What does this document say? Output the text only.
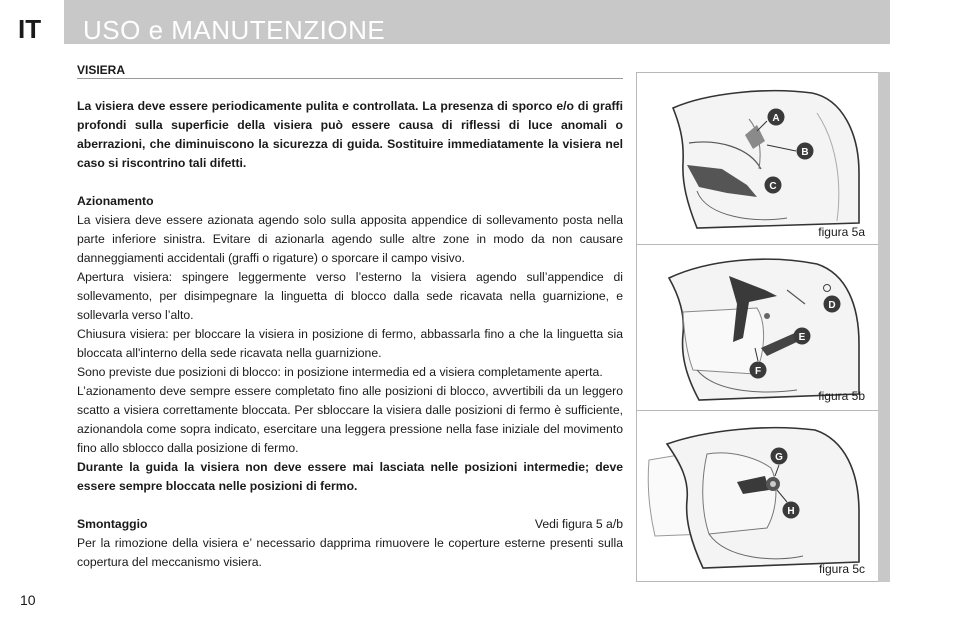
IT USO e MANUTENZIONE
VISIERA

La visiera deve essere periodicamente pulita e controllata. La presenza di sporco e/o di graffi profondi sulla superficie della visiera può essere causa di riflessi di luce anomali o aberrazioni, che diminuiscono la sicurezza di guida. Sostituire immediatamente la visiera nel caso si riscontrino tali difetti.

Azionamento

La visiera deve essere azionata agendo solo sulla apposita appendice di sollevamento posta nella parte inferiore sinistra. Evitare di azionarla agendo sulle altre zone in modo da non causare danneggiamenti accidentali (graffi o rigature) o sporcare il campo visivo.

Apertura visiera: spingere leggermente verso l’esterno la visiera agendo sull’appendice di sollevamento, per disimpegnare la linguetta di blocco dalla sede ricavata nella guarnizione, e sollevarla verso l’alto.

Chiusura visiera: per bloccare la visiera in posizione di fermo, abbassarla fino a che la linguetta sia bloccata all'interno della sede ricavata nella guarnizione.

Sono previste due posizioni di blocco: in posizione intermedia ed a visiera completamente aperta.

L’azionamento deve sempre essere completato fino alle posizioni di blocco, avvertibili da un leggero scatto a visiera correttamente bloccata. Per sbloccare la visiera dalle posizioni di fermo è sufficiente, azionandola come sopra indicato, esercitare una leggera pressione nella fase iniziale del movimento fino allo sblocco dalla posizione di fermo.

Durante la guida la visiera non deve essere mai lasciata nelle posizioni intermedie; deve essere sempre bloccata nelle posizioni di fermo.

Smontaggio	Vedi figura 5 a/b

Per la rimozione della visiera e’ necessario dapprima rimuovere le coperture esterne presenti sulla copertura del meccanismo visiera.

A
B
C
figura 5a
D
E
F
figura 5b
G
H
figura 5c
10
